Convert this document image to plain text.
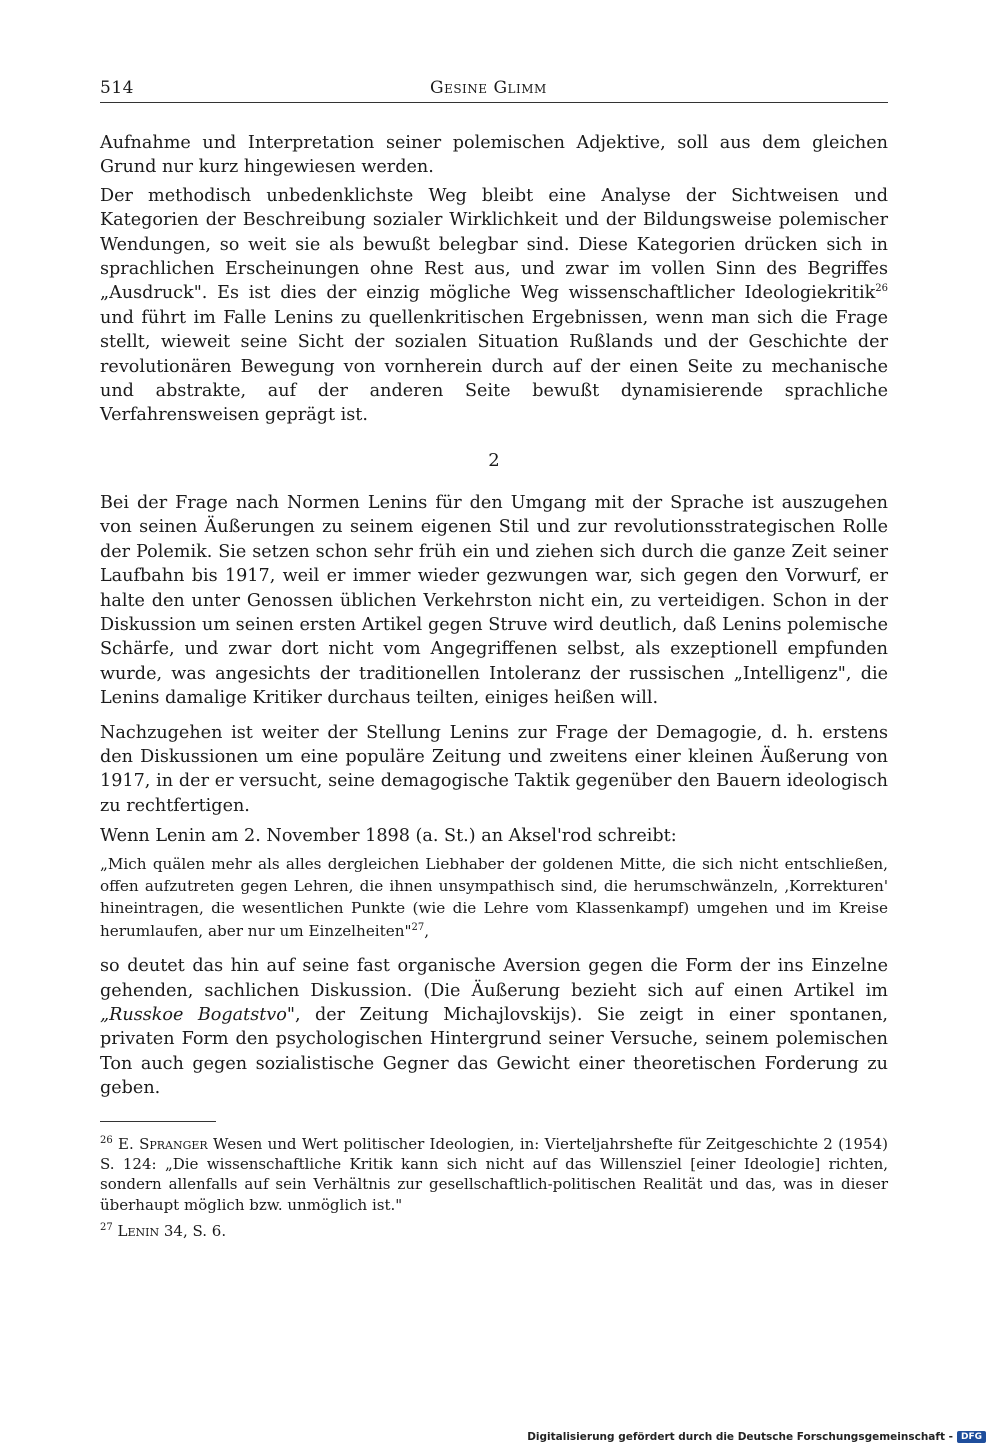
514	Gesine Glimm

Aufnahme und Interpretation seiner polemischen Adjektive, soll aus dem gleichen Grund nur kurz hingewiesen werden.

Der methodisch unbedenklichste Weg bleibt eine Analyse der Sichtweisen und Kategorien der Beschreibung sozialer Wirklichkeit und der Bildungsweise polemischer Wendungen, so weit sie als bewußt belegbar sind. Diese Kategorien drücken sich in sprachlichen Erscheinungen ohne Rest aus, und zwar im vollen Sinn des Begriffes „Ausdruck". Es ist dies der einzig mögliche Weg wissenschaftlicher Ideologiekritik$^{26}$ und führt im Falle Lenins zu quellenkritischen Ergebnissen, wenn man sich die Frage stellt, wieweit seine Sicht der sozialen Situation Rußlands und der Geschichte der revolutionären Bewegung von vornherein durch auf der einen Seite zu mechanische und abstrakte, auf der anderen Seite bewußt dynamisierende sprachliche Verfahrensweisen geprägt ist.

2

Bei der Frage nach Normen Lenins für den Umgang mit der Sprache ist auszugehen von seinen Äußerungen zu seinem eigenen Stil und zur revolutionsstrategischen Rolle der Polemik. Sie setzen schon sehr früh ein und ziehen sich durch die ganze Zeit seiner Laufbahn bis 1917, weil er immer wieder gezwungen war, sich gegen den Vorwurf, er halte den unter Genossen üblichen Verkehrston nicht ein, zu verteidigen. Schon in der Diskussion um seinen ersten Artikel gegen Struve wird deutlich, daß Lenins polemische Schärfe, und zwar dort nicht vom Angegriffenen selbst, als exzeptionell empfunden wurde, was angesichts der traditionellen Intoleranz der russischen „Intelligenz", die Lenins damalige Kritiker durchaus teilten, einiges heißen will.

Nachzugehen ist weiter der Stellung Lenins zur Frage der Demagogie, d. h. erstens den Diskussionen um eine populäre Zeitung und zweitens einer kleinen Äußerung von 1917, in der er versucht, seine demagogische Taktik gegenüber den Bauern ideologisch zu rechtfertigen.

Wenn Lenin am 2. November 1898 (a. St.) an Aksel'rod schreibt:

„Mich quälen mehr als alles dergleichen Liebhaber der goldenen Mitte, die sich nicht entschließen, offen aufzutreten gegen Lehren, die ihnen unsympathisch sind, die herumschwänzeln, ‚Korrekturen' hineintragen, die wesentlichen Punkte (wie die Lehre vom Klassenkampf) umgehen und im Kreise herumlaufen, aber nur um Einzelheiten"$^{27}$,

so deutet das hin auf seine fast organische Aversion gegen die Form der ins Einzelne gehenden, sachlichen Diskussion. (Die Äußerung bezieht sich auf einen Artikel im „Russkoe Bogatstvo", der Zeitung Michajlovskijs). Sie zeigt in einer spontanen, privaten Form den psychologischen Hintergrund seiner Versuche, seinem polemischen Ton auch gegen sozialistische Gegner das Gewicht einer theoretischen Forderung zu geben.

$^{26}$ E. Spranger Wesen und Wert politischer Ideologien, in: Vierteljahrshefte für Zeitgeschichte 2 (1954) S. 124: „Die wissenschaftliche Kritik kann sich nicht auf das Willensziel [einer Ideologie] richten, sondern allenfalls auf sein Verhältnis zur gesellschaftlich-politischen Realität und das, was in dieser überhaupt möglich bzw. unmöglich ist."

$^{27}$ Lenin 34, S. 6.

Digitalisierung gefördert durch die Deutsche Forschungsgemeinschaft - DFG
